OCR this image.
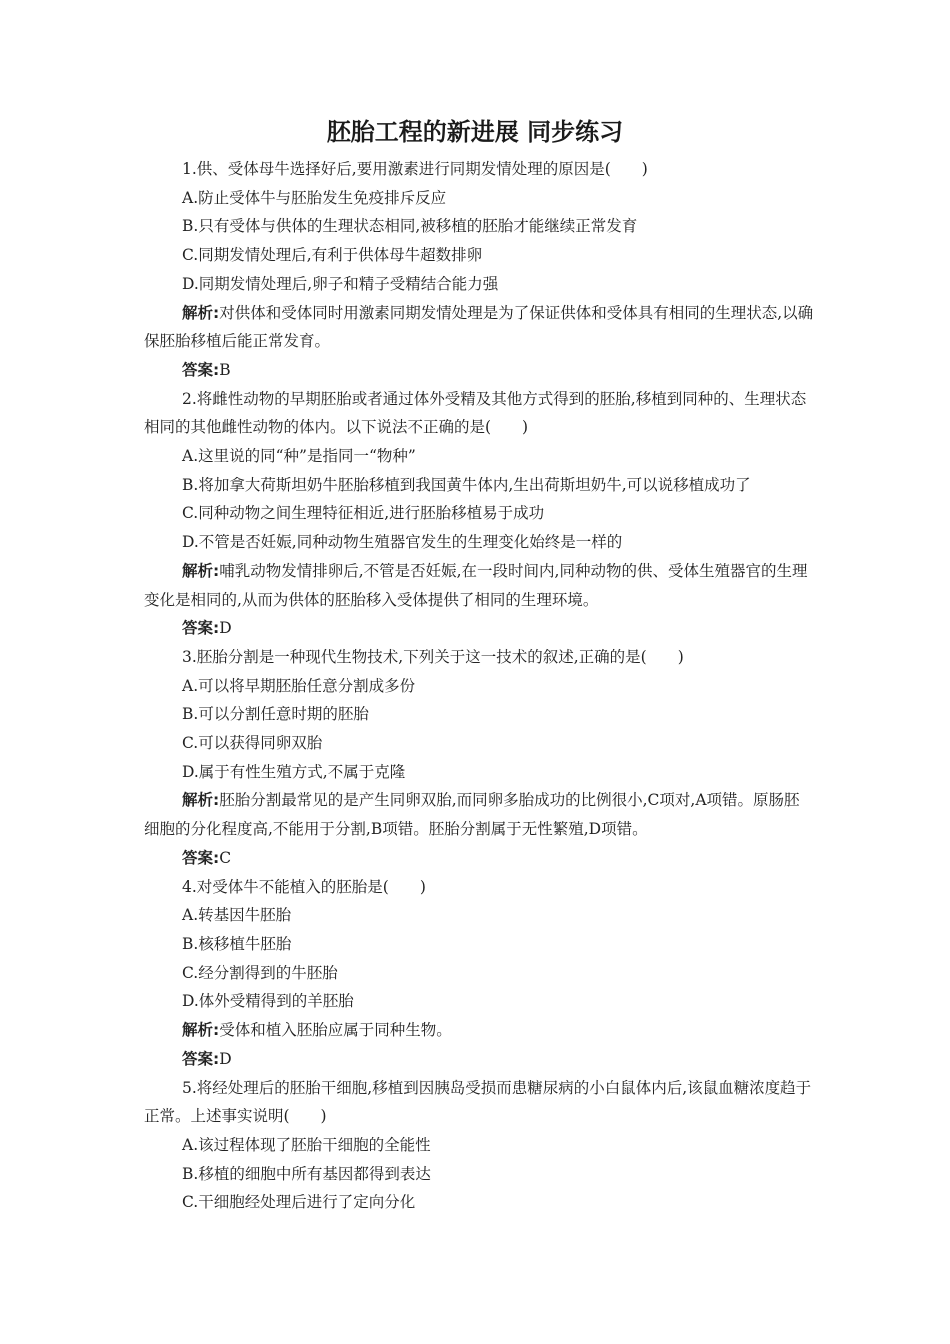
胚胎工程的新进展 同步练习
1.供、受体母牛选择好后,要用激素进行同期发情处理的原因是(　　)
A.防止受体牛与胚胎发生免疫排斥反应
B.只有受体与供体的生理状态相同,被移植的胚胎才能继续正常发育
C.同期发情处理后,有利于供体母牛超数排卵
D.同期发情处理后,卵子和精子受精结合能力强
解析:对供体和受体同时用激素同期发情处理是为了保证供体和受体具有相同的生理状态,以确保胚胎移植后能正常发育。
答案:B
2.将雌性动物的早期胚胎或者通过体外受精及其他方式得到的胚胎,移植到同种的、生理状态相同的其他雌性动物的体内。以下说法不正确的是(　　)
A.这里说的同“种”是指同一“物种”
B.将加拿大荷斯坦奶牛胚胎移植到我国黄牛体内,生出荷斯坦奶牛,可以说移植成功了
C.同种动物之间生理特征相近,进行胚胎移植易于成功
D.不管是否妊娠,同种动物生殖器官发生的生理变化始终是一样的
解析:哺乳动物发情排卵后,不管是否妊娠,在一段时间内,同种动物的供、受体生殖器官的生理变化是相同的,从而为供体的胚胎移入受体提供了相同的生理环境。
答案:D
3.胚胎分割是一种现代生物技术,下列关于这一技术的叙述,正确的是(　　)
A.可以将早期胚胎任意分割成多份
B.可以分割任意时期的胚胎
C.可以获得同卵双胎
D.属于有性生殖方式,不属于克隆
解析:胚胎分割最常见的是产生同卵双胎,而同卵多胎成功的比例很小,C项对,A项错。原肠胚细胞的分化程度高,不能用于分割,B项错。胚胎分割属于无性繁殖,D项错。
答案:C
4.对受体牛不能植入的胚胎是(　　)
A.转基因牛胚胎
B.核移植牛胚胎
C.经分割得到的牛胚胎
D.体外受精得到的羊胚胎
解析:受体和植入胚胎应属于同种生物。
答案:D
5.将经处理后的胚胎干细胞,移植到因胰岛受损而患糖尿病的小白鼠体内后,该鼠血糖浓度趋于正常。上述事实说明(　　)
A.该过程体现了胚胎干细胞的全能性
B.移植的细胞中所有基因都得到表达
C.干细胞经处理后进行了定向分化
